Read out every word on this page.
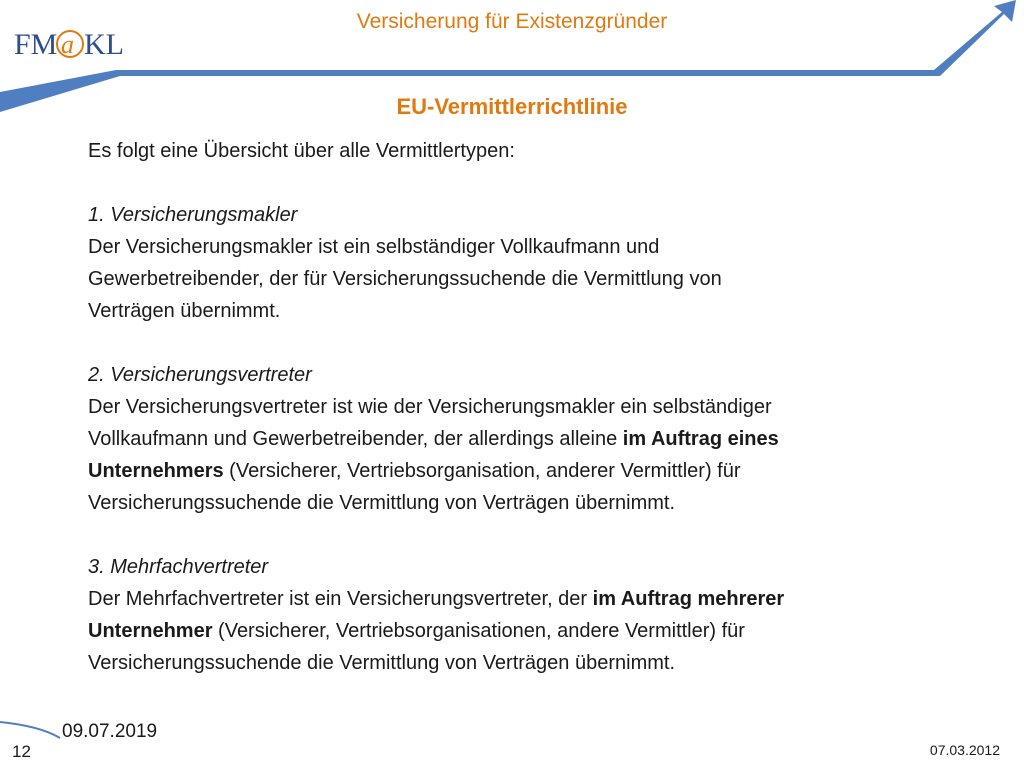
FM a KL
Versicherung für Existenzgründer
EU-Vermittlerrichtlinie

Es folgt eine Übersicht über alle Vermittlertypen:

1. Versicherungsmakler

Der Versicherungsmakler ist ein selbständiger Vollkaufmann und

Gewerbetreibender, der für Versicherungssuchende die Vermittlung von

Verträgen übernimmt.

2. Versicherungsvertreter

Der Versicherungsvertreter ist wie der Versicherungsmakler ein selbständiger

Vollkaufmann und Gewerbetreibender, der allerdings alleine im Auftrag eines

Unternehmers (Versicherer, Vertriebsorganisation, anderer Vermittler) für

Versicherungssuchende die Vermittlung von Verträgen übernimmt.

3. Mehrfachvertreter

Der Mehrfachvertreter ist ein Versicherungsvertreter, der im Auftrag mehrerer

Unternehmer (Versicherer, Vertriebsorganisationen, andere Vermittler) für

Versicherungssuchende die Vermittlung von Verträgen übernimmt.

09.07.2019
12	07.03.2012
